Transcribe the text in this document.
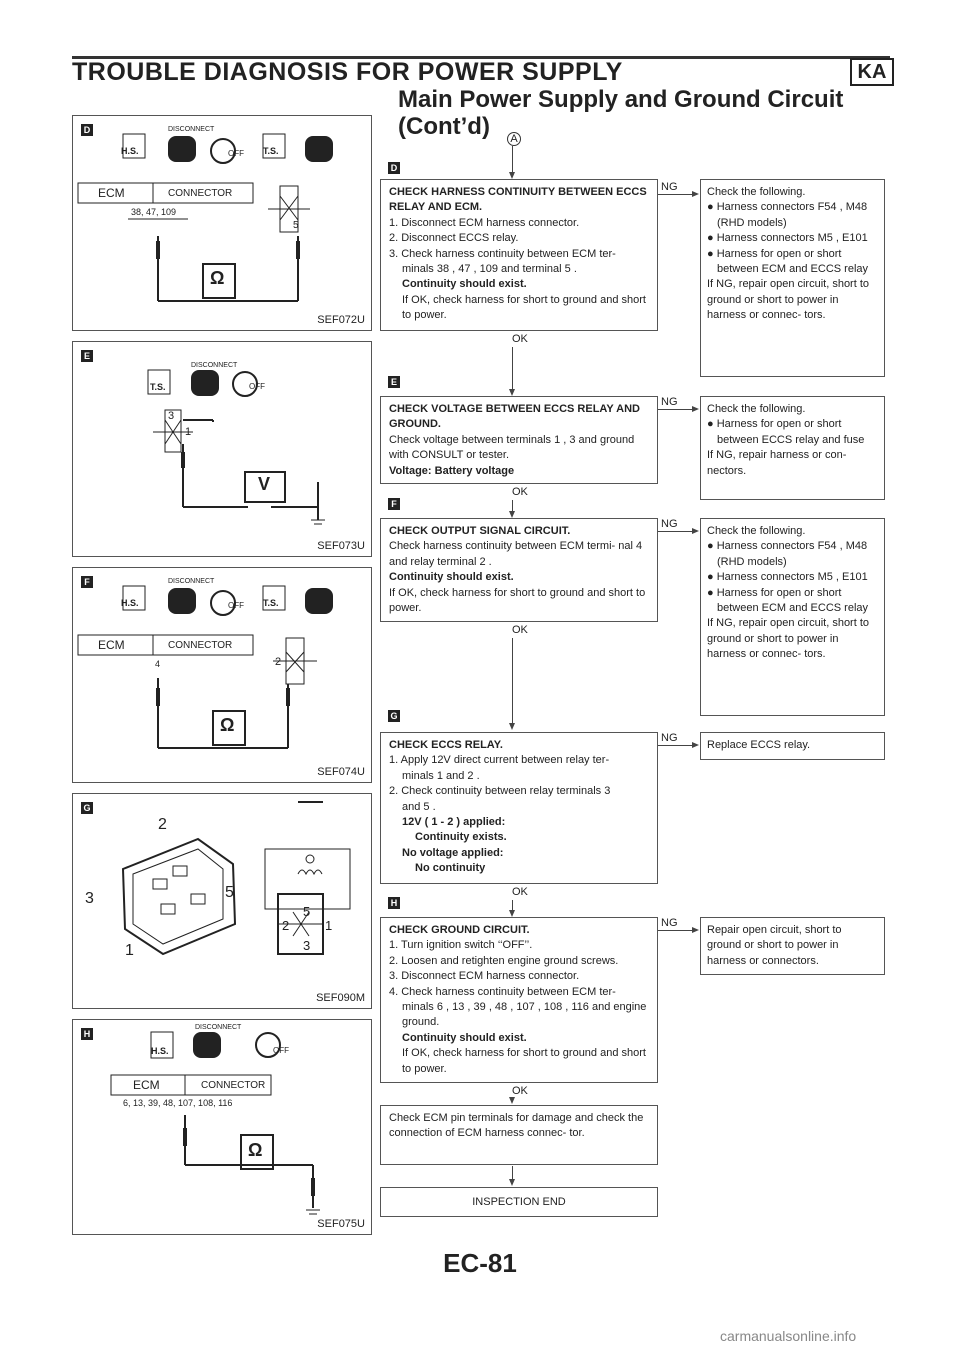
TROUBLE DIAGNOSIS FOR POWER SUPPLY	KA
Main Power Supply and Ground Circuit
(Cont’d)
D
H.S.
DISCONNECT
OFF T.S.
ECM	CONNECTOR
38, 47, 109
5
Ω
SEF072U
E
T.S.
DISCONNECT
OFF
3
1
V
SEF073U
F
H.S.
DISCONNECT
OFF T.S.
ECM	CONNECTOR
4	2
Ω
SEF074U
G
2
3	5
1
5
2	1
3
SEF090M
H
H.S.
DISCONNECT
OFF
ECM	CONNECTOR
6, 13, 39, 48, 107, 108, 116
Ω
SEF075U
A
D
CHECK HARNESS CONTINUITY BETWEEN ECCS RELAY AND ECM.
1. Disconnect ECM harness connector.
2. Disconnect ECCS relay.
3. Check harness continuity between ECM ter-
minals 38 , 47 , 109 and terminal 5 .
Continuity should exist.
If OK, check harness for short to ground and short to power.
NG	Check the following.

● Harness connectors F54 , M48 (RHD models)
● Harness connectors M5 , E101
● Harness for open or short between ECM and ECCS relay
If NG, repair open circuit, short to ground or short to power in harness or connec- tors.
OK
E
CHECK VOLTAGE BETWEEN ECCS RELAY AND GROUND.
Check voltage between terminals 1 , 3 and ground with CONSULT or tester.
Voltage: Battery voltage
NG
Check the following.

● Harness for open or short between ECCS relay and fuse
If NG, repair harness or con- nectors.
OK
F
CHECK OUTPUT SIGNAL CIRCUIT.
Check harness continuity between ECM termi- nal 4 and relay terminal 2 .
Continuity should exist.
If OK, check harness for short to ground and short to power.
NG
Check the following.

● Harness connectors F54 , M48 (RHD models)
● Harness connectors M5 , E101
● Harness for open or short between ECM and ECCS relay
If NG, repair open circuit, short to ground or short to power in harness or connec- tors.
OK
G
CHECK ECCS RELAY.
1. Apply 12V direct current between relay ter-
minals 1 and 2 .
2. Check continuity between relay terminals 3
and 5 .
12V ( 1 - 2 ) applied:
Continuity exists.
No voltage applied:
No continuity
NG
Replace ECCS relay.
OK
H
CHECK GROUND CIRCUIT.
1. Turn ignition switch ‘‘OFF’’.
2. Loosen and retighten engine ground screws.
3. Disconnect ECM harness connector.
4. Check harness continuity between ECM ter-
minals 6 , 13 , 39 , 48 , 107 , 108 , 116 and engine ground.
Continuity should exist.
If OK, check harness for short to ground and short to power.
NG
Repair open circuit, short to ground or short to power in harness or connectors.
OK
Check ECM pin terminals for damage and check the connection of ECM harness connec- tor.
INSPECTION END
EC-81
carmanualsonline.info
